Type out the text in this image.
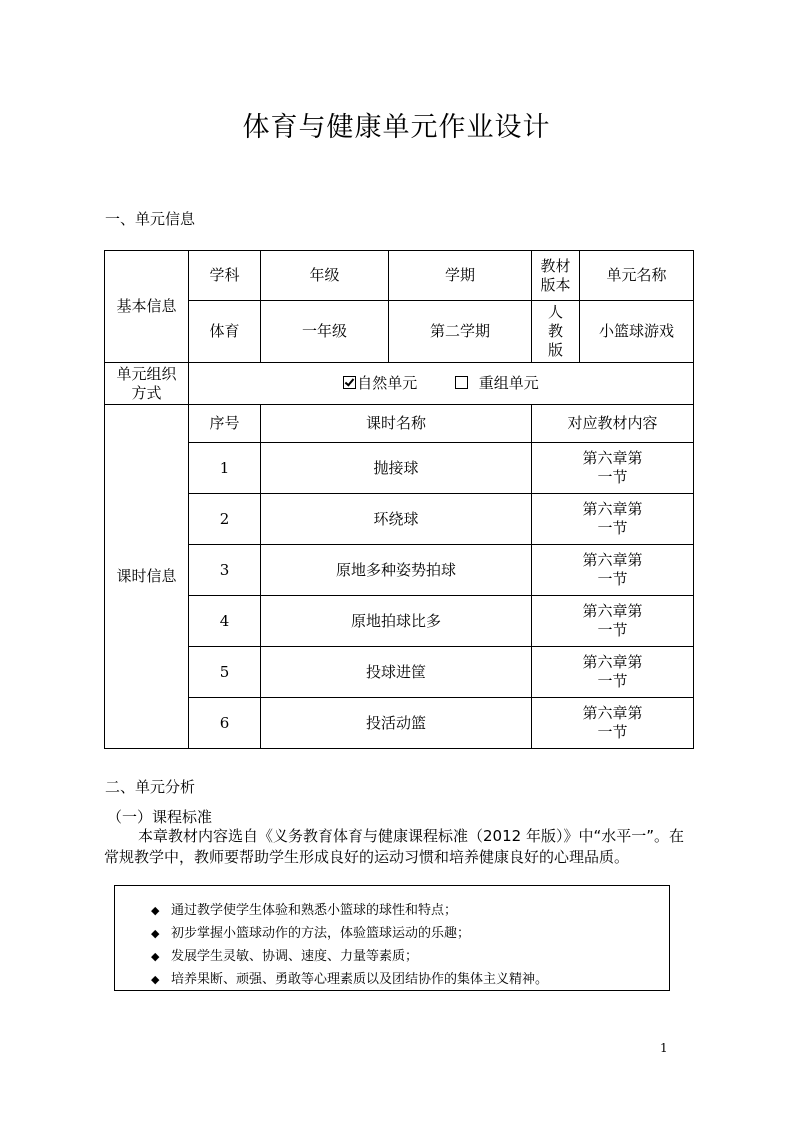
体育与健康单元作业设计
一、单元信息
基本信息	学科	年级	学期	教材版本	单元名称
	体育	一年级	第二学期	人教版	小篮球游戏
单元组织方式	自然单元 重组单元				
课时信息	序号	课时名称		对应教材内容	
	1	抛接球		第六章第一节	
	2	环绕球		第六章第一节	
	3	原地多种姿势拍球		第六章第一节	
	4	原地拍球比多		第六章第一节	
	5	投球进筐		第六章第一节	
	6	投活动篮		第六章第一节	
二、单元分析
（一）课程标准
本章教材内容选自《义务教育体育与健康课程标准（2012 年版）》中“水平一”。在常规教学中，教师要帮助学生形成良好的运动习惯和培养健康良好的心理品质。
◆ 通过教学使学生体验和熟悉小篮球的球性和特点；
◆ 初步掌握小篮球动作的方法，体验篮球运动的乐趣；
◆ 发展学生灵敏、协调、速度、力量等素质；
◆ 培养果断、顽强、勇敢等心理素质以及团结协作的集体主义精神。
1
